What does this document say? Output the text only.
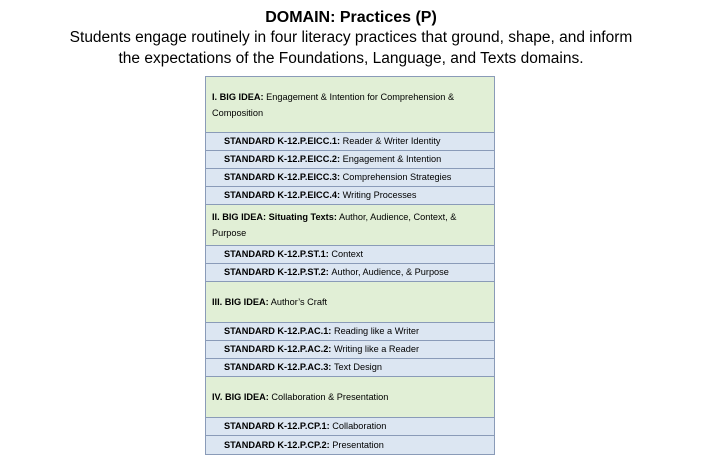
DOMAIN: Practices (P)
Students engage routinely in four literacy practices that ground, shape, and inform
the expectations of the Foundations, Language, and Texts domains.
I. BIG IDEA: Engagement & Intention for Comprehension & Composition
STANDARD K-12.P.EICC.1:
Reader & Writer Identity
STANDARD K-12.P.EICC.2:
Engagement & Intention
STANDARD K-12.P.EICC.3:
Comprehension Strategies
STANDARD K-12.P.EICC.4:
Writing Processes
II. BIG IDEA: Situating Texts: Author, Audience, Context, & Purpose
STANDARD K-12.P.ST.1:
Context
STANDARD K-12.P.ST.2:
Author, Audience, & Purpose
III. BIG IDEA: Author’s Craft
STANDARD K-12.P.AC.1:
Reading like a Writer
STANDARD K-12.P.AC.2:
Writing like a Reader
STANDARD K-12.P.AC.3:
Text Design
IV. BIG IDEA: Collaboration & Presentation
STANDARD K-12.P.CP.1:
Collaboration
STANDARD K-12.P.CP.2:
Presentation
